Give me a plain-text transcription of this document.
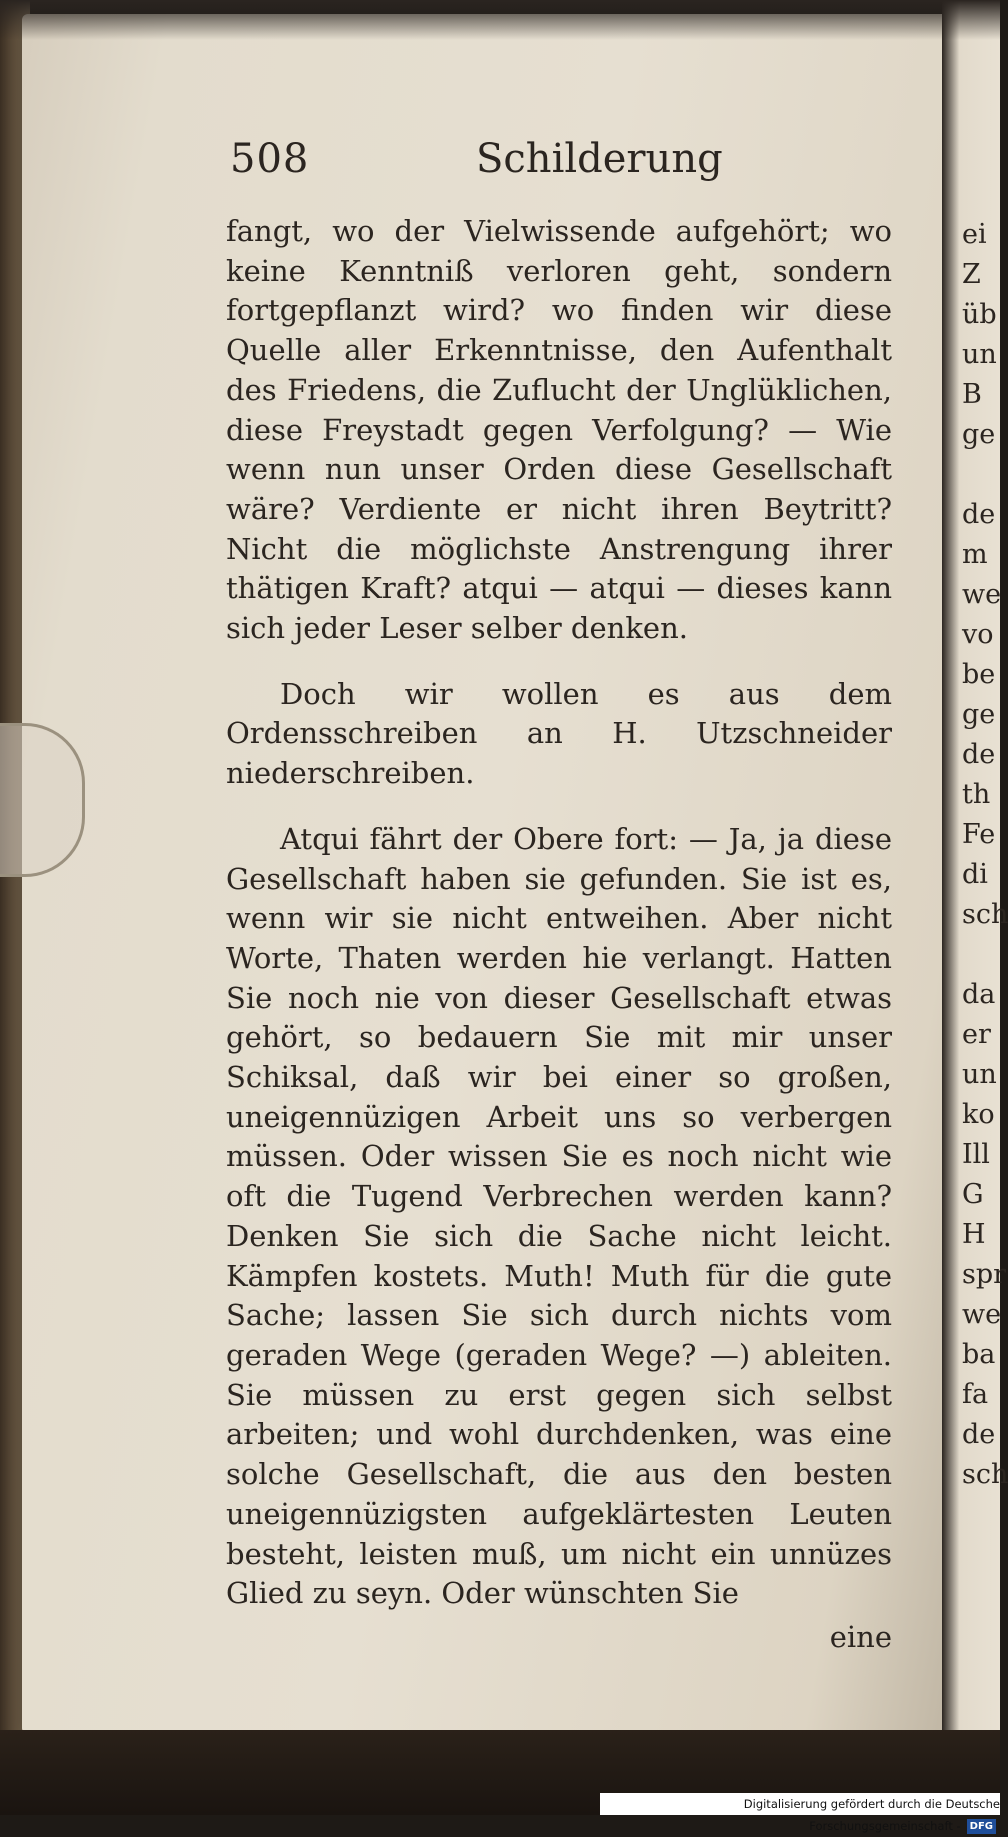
508	Schilderung

fangt, wo der Vielwissende aufgehört; wo keine Kenntniß verloren geht, sondern fortgepflanzt wird? wo finden wir diese Quelle aller Erkenntnisse, den Aufenthalt des Friedens, die Zuflucht der Unglüklichen, diese Freystadt gegen Verfolgung? — Wie wenn nun unser Orden diese Gesellschaft wäre? Verdiente er nicht ihren Beytritt? Nicht die möglichste Anstrengung ihrer thätigen Kraft? atqui — atqui — dieses kann sich jeder Leser selber denken.

Doch wir wollen es aus dem Ordensschreiben an H. Utzschneider niederschreiben.

Atqui fährt der Obere fort: — Ja, ja diese Gesellschaft haben sie gefunden. Sie ist es, wenn wir sie nicht entweihen. Aber nicht Worte, Thaten werden hie verlangt. Hatten Sie noch nie von dieser Gesellschaft etwas gehört, so bedauern Sie mit mir unser Schiksal, daß wir bei einer so großen, uneigennüzigen Arbeit uns so verbergen müssen. Oder wissen Sie es noch nicht wie oft die Tugend Verbrechen werden kann? Denken Sie sich die Sache nicht leicht. Kämpfen kostets. Muth! Muth für die gute Sache; lassen Sie sich durch nichts vom geraden Wege (geraden Wege? —) ableiten. Sie müssen zu erst gegen sich selbst arbeiten; und wohl durchdenken, was eine solche Gesellschaft, die aus den besten uneigennüzigsten aufgeklärtesten Leuten besteht, leisten muß, um nicht ein unnüzes Glied zu seyn. Oder wünschten Sie

eine

ei
Z
üb
un
B
ge
de
m
we
vo
be
ge
de
th
Fe
di
sch
da
er
un
ko
Ill
G
H
spr
we
ba
fa
de
sch
Digitalisierung gefördert durch die Deutsche Forschungsgemeinschaft - DFG
